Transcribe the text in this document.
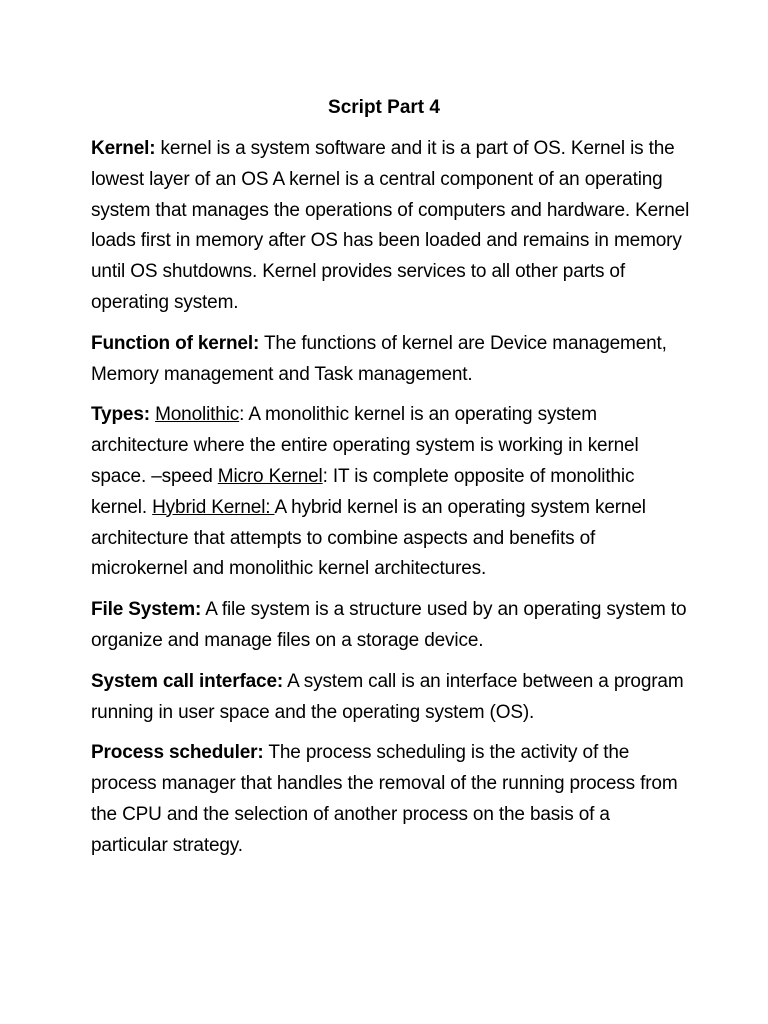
Script Part 4

Kernel: kernel is a system software and it is a part of OS. Kernel is the lowest layer of an OS A kernel is a central component of an operating system that manages the operations of computers and hardware. Kernel loads first in memory after OS has been loaded and remains in memory until OS shutdowns. Kernel provides services to all other parts of operating system.

Function of kernel: The functions of kernel are Device management, Memory management and Task management.

Types: Monolithic: A monolithic kernel is an operating system architecture where the entire operating system is working in kernel space. –speed Micro Kernel: IT is complete opposite of monolithic kernel. Hybrid Kernel: A hybrid kernel is an operating system kernel architecture that attempts to combine aspects and benefits of microkernel and monolithic kernel architectures.

File System: A file system is a structure used by an operating system to organize and manage files on a storage device.

System call interface: A system call is an interface between a program running in user space and the operating system (OS).

Process scheduler: The process scheduling is the activity of the process manager that handles the removal of the running process from the CPU and the selection of another process on the basis of a particular strategy.
